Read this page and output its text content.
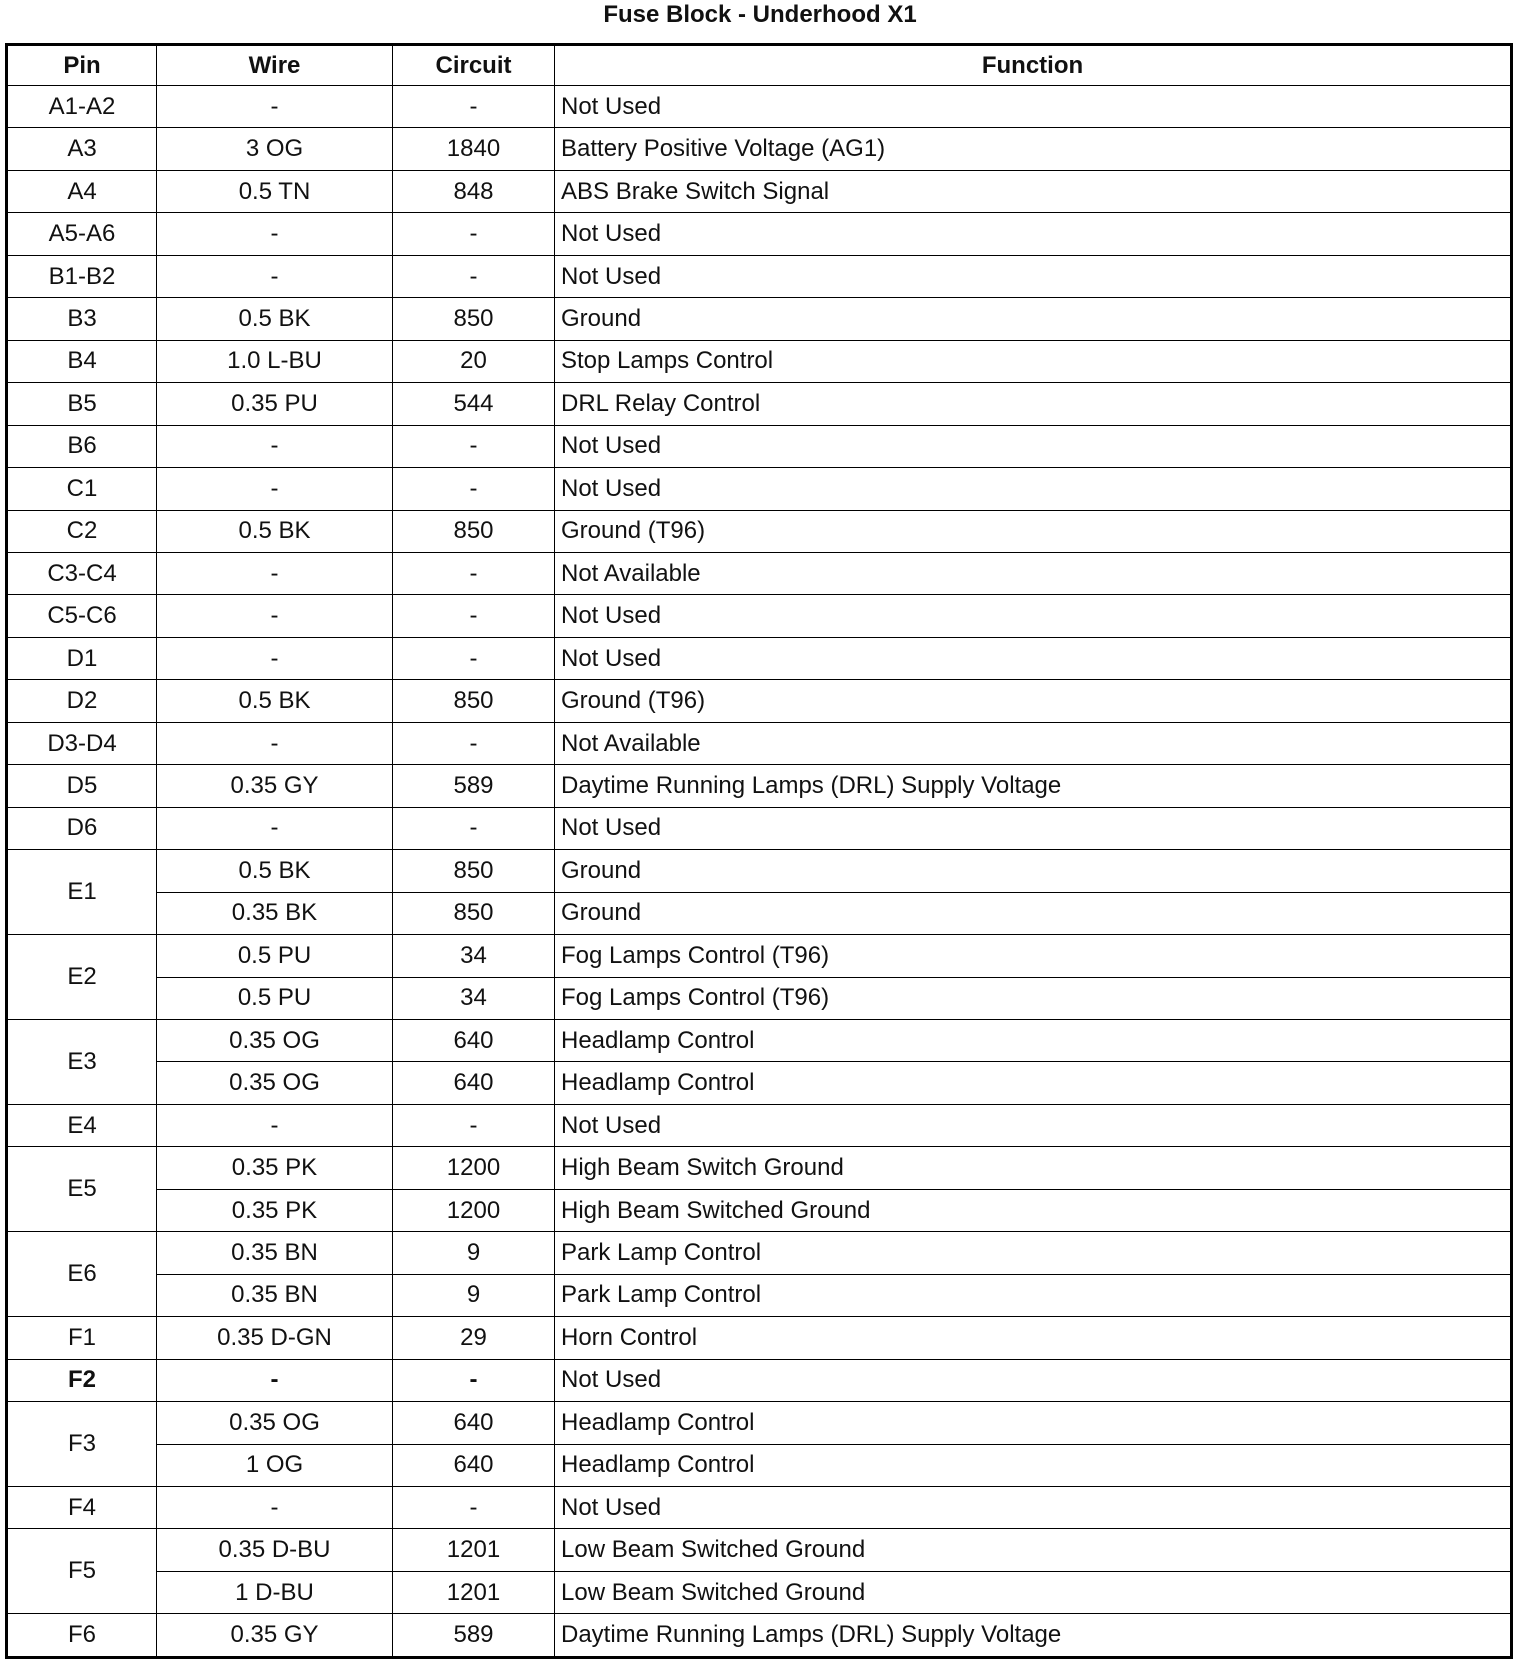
Fuse Block - Underhood X1
Pin	Wire	Circuit	Function
A1-A2	-	-	Not Used
A3	3 OG	1840	Battery Positive Voltage (AG1)
A4	0.5 TN	848	ABS Brake Switch Signal
A5-A6	-	-	Not Used
B1-B2	-	-	Not Used
B3	0.5 BK	850	Ground
B4	1.0 L-BU	20	Stop Lamps Control
B5	0.35 PU	544	DRL Relay Control
B6	-	-	Not Used
C1	-	-	Not Used
C2	0.5 BK	850	Ground (T96)
C3-C4	-	-	Not Available
C5-C6	-	-	Not Used
D1	-	-	Not Used
D2	0.5 BK	850	Ground (T96)
D3-D4	-	-	Not Available
D5	0.35 GY	589	Daytime Running Lamps (DRL) Supply Voltage
D6	-	-	Not Used
E1	0.5 BK	850	Ground
	0.35 BK	850	Ground
E2	0.5 PU	34	Fog Lamps Control (T96)
	0.5 PU	34	Fog Lamps Control (T96)
E3	0.35 OG	640	Headlamp Control
	0.35 OG	640	Headlamp Control
E4	-	-	Not Used
E5	0.35 PK	1200	High Beam Switch Ground
	0.35 PK	1200	High Beam Switched Ground
E6	0.35 BN	9	Park Lamp Control
	0.35 BN	9	Park Lamp Control
F1	0.35 D-GN	29	Horn Control
F2	-	-	Not Used
F3	0.35 OG	640	Headlamp Control
	1 OG	640	Headlamp Control
F4	-	-	Not Used
F5	0.35 D-BU	1201	Low Beam Switched Ground
	1 D-BU	1201	Low Beam Switched Ground
F6	0.35 GY	589	Daytime Running Lamps (DRL) Supply Voltage
